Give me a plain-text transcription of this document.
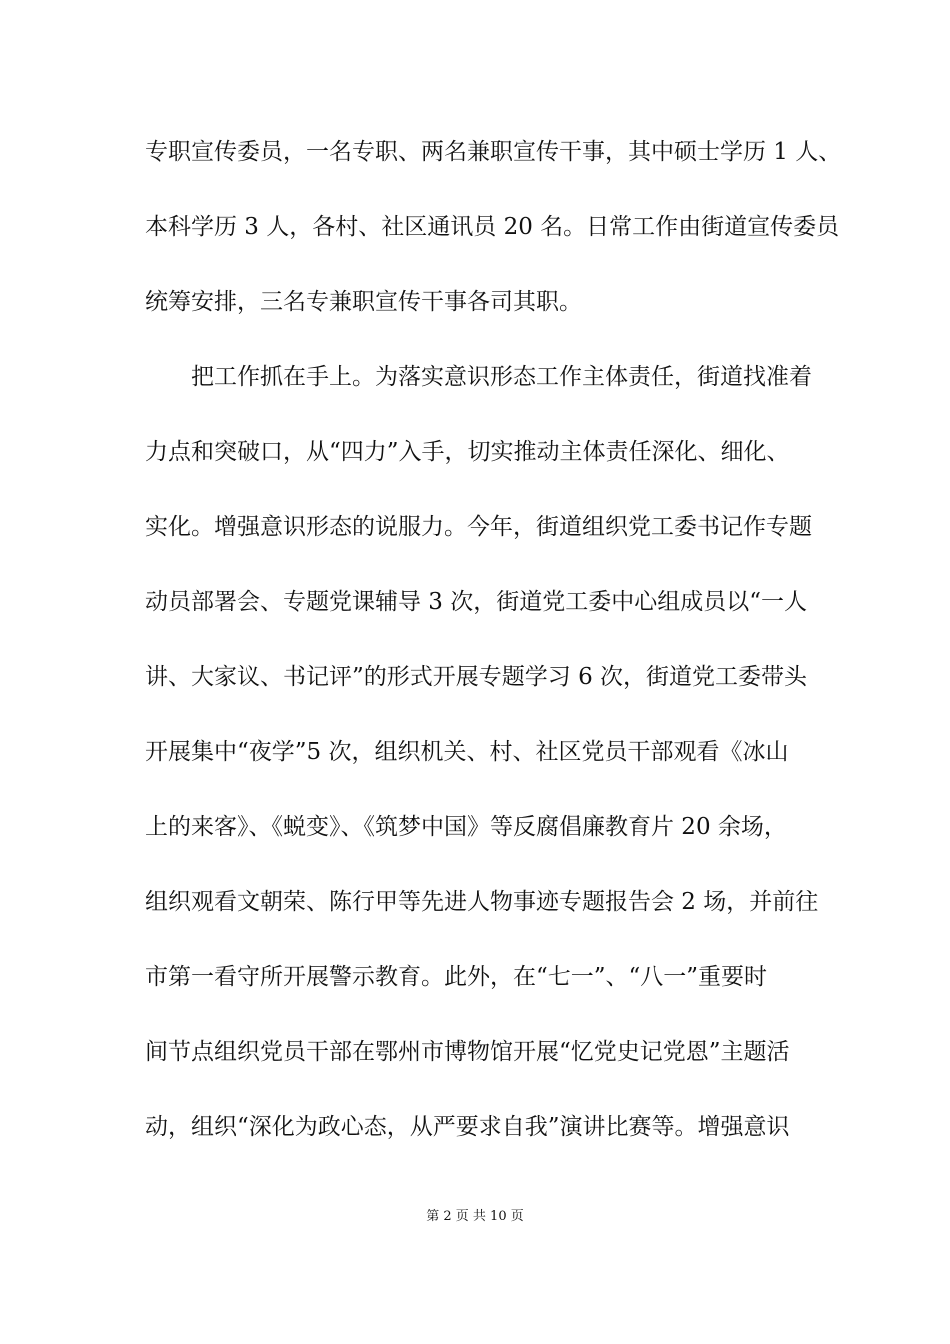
专职宣传委员，一名专职、两名兼职宣传干事，其中硕士学历 1 人、
本科学历 3 人，各村、社区通讯员 20 名。日常工作由街道宣传委员
统筹安排，三名专兼职宣传干事各司其职。
把工作抓在手上。为落实意识形态工作主体责任，街道找准着
力点和突破口，从“四力”入手，切实推动主体责任深化、细化、
实化。增强意识形态的说服力。今年，街道组织党工委书记作专题
动员部署会、专题党课辅导 3 次，街道党工委中心组成员以“一人
讲、大家议、书记评”的形式开展专题学习 6 次，街道党工委带头
开展集中“夜学”5 次，组织机关、村、社区党员干部观看《冰山
上的来客》、《蜕变》、《筑梦中国》等反腐倡廉教育片 20 余场，
组织观看文朝荣、陈行甲等先进人物事迹专题报告会 2 场，并前往
市第一看守所开展警示教育。此外，在“七一”、“八一”重要时
间节点组织党员干部在鄂州市博物馆开展“忆党史记党恩”主题活
动，组织“深化为政心态，从严要求自我”演讲比赛等。增强意识
第 2 页 共 10 页
